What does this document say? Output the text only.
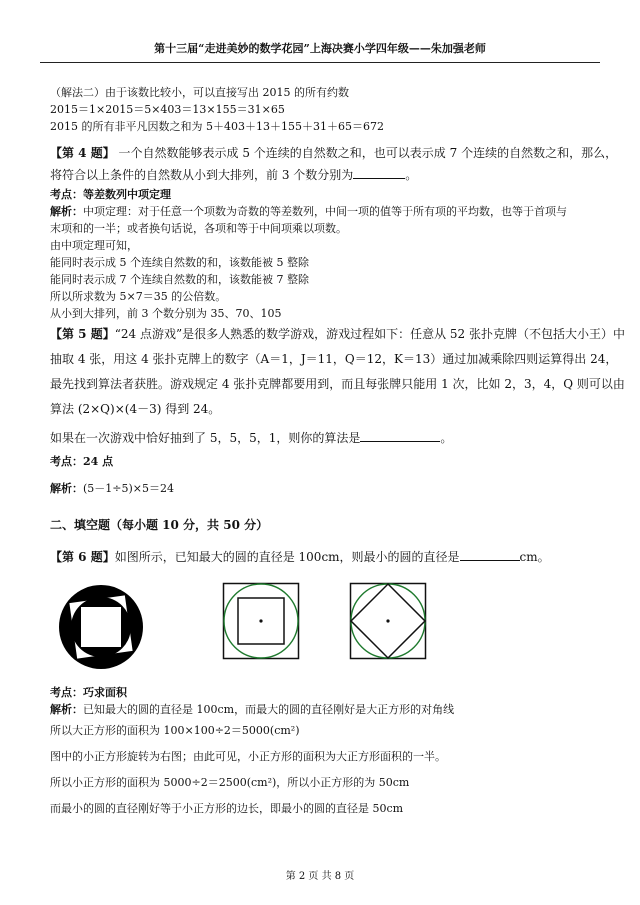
第十三届“走进美妙的数学花园”上海决赛小学四年级——朱加强老师
（解法二）由于该数比较小，可以直接写出 2015 的所有约数
2015＝1×2015＝5×403＝13×155＝31×65
2015 的所有非平凡因数之和为 5＋403＋13＋155＋31＋65＝672
【第 4 题】 一个自然数能够表示成 5 个连续的自然数之和，也可以表示成 7 个连续的自然数之和，那么，
将符合以上条件的自然数从小到大排列，前 3 个数分别为	。
考点：等差数列中项定理
解析：中项定理：对于任意一个项数为奇数的等差数列，中间一项的值等于所有项的平均数，也等于首项与
末项和的一半；或者换句话说，各项和等于中间项乘以项数。
由中项定理可知，
能同时表示成 5 个连续自然数的和，该数能被 5 整除
能同时表示成 7 个连续自然数的和，该数能被 7 整除
所以所求数为 5×7＝35 的公倍数。
从小到大排列，前 3 个数分别为 35、70、105
【第 5 题】“24 点游戏”是很多人熟悉的数学游戏，游戏过程如下：任意从 52 张扑克牌（不包括大小王）中
抽取 4 张，用这 4 张扑克牌上的数字（A＝1，J＝11，Q＝12，K＝13）通过加减乘除四则运算得出 24，
最先找到算法者获胜。游戏规定 4 张扑克牌都要用到，而且每张牌只能用 1 次，比如 2，3，4，Q 则可以由
算法 (2×Q)×(4－3) 得到 24。
如果在一次游戏中恰好抽到了 5，5，5，1，则你的算法是	。
考点：24 点
解析：(5－1÷5)×5＝24
二、填空题（每小题 10 分，共 50 分）
【第 6 题】如图所示，已知最大的圆的直径是 100cm，则最小的圆的直径是	cm。
考点：巧求面积
解析：已知最大的圆的直径是 100cm，而最大的圆的直径刚好是大正方形的对角线
所以大正方形的面积为 100×100÷2＝5000(cm²)
图中的小正方形旋转为右图；由此可见，小正方形的面积为大正方形面积的一半。
所以小正方形的面积为 5000÷2＝2500(cm²)，所以小正方形的为 50cm
而最小的圆的直径刚好等于小正方形的边长，即最小的圆的直径是 50cm
第 2 页 共 8 页
